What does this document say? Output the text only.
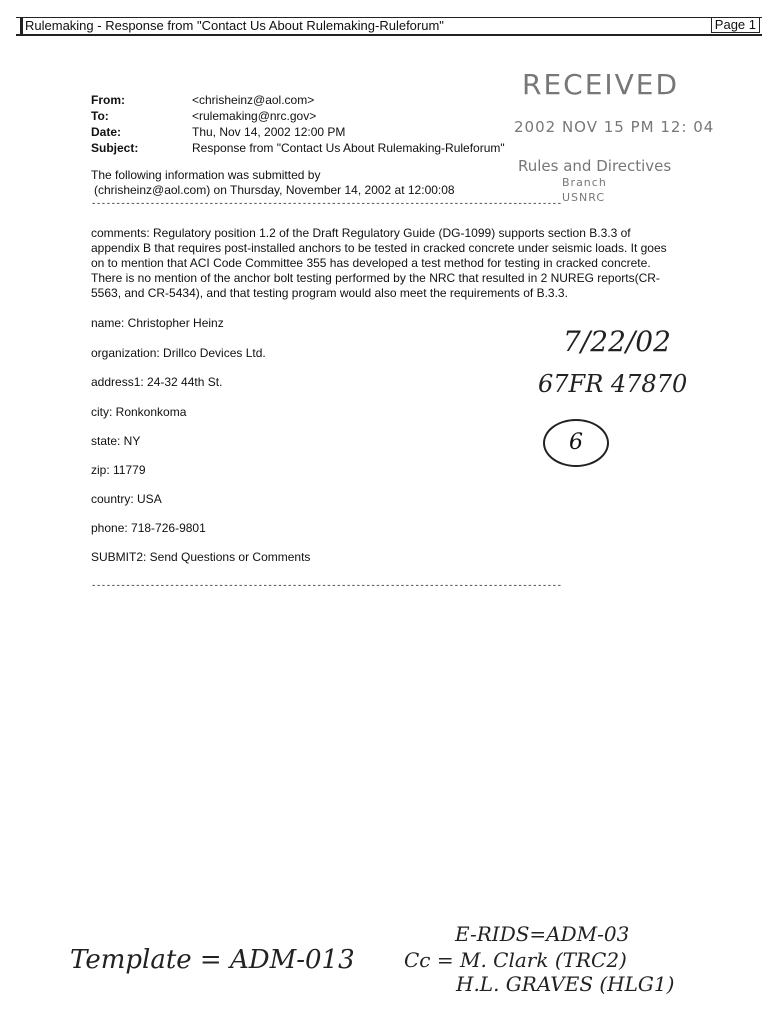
Rulemaking - Response from "Contact Us About Rulemaking-Ruleforum"	Page 1
From:	<chrisheinz@aol.com>
To:	<rulemaking@nrc.gov>
Date:	Thu, Nov 14, 2002 12:00 PM
Subject:	Response from "Contact Us About Rulemaking-Ruleforum"
The following information was submitted by
(chrisheinz@aol.com) on Thursday, November 14, 2002 at 12:00:08
------------------------------------------------------------------------------------------------
comments: Regulatory position 1.2 of the Draft Regulatory Guide (DG-1099) supports section B.3.3 of appendix B that requires post-installed anchors to be tested in cracked concrete under seismic loads. It goes on to mention that ACI Code Committee 355 has developed a test method for testing in cracked concrete. There is no mention of the anchor bolt testing performed by the NRC that resulted in 2 NUREG reports(CR-5563, and CR-5434), and that testing program would also meet the requirements of B.3.3.
name: Christopher Heinz
organization: Drillco Devices Ltd.
address1: 24-32 44th St.
city: Ronkonkoma
state: NY
zip: 11779
country: USA
phone: 718-726-9801
SUBMIT2: Send Questions or Comments
------------------------------------------------------------------------------------------------
RECEIVED
2002 NOV 15 PM 12: 04
Rules and Directives
Branch
USNRC
7/22/02
67FR 47870
6
Template = ADM-013
E-RIDS=ADM-03
Cc = M. Clark (TRC2)
H.L. GRAVES (HLG1)
